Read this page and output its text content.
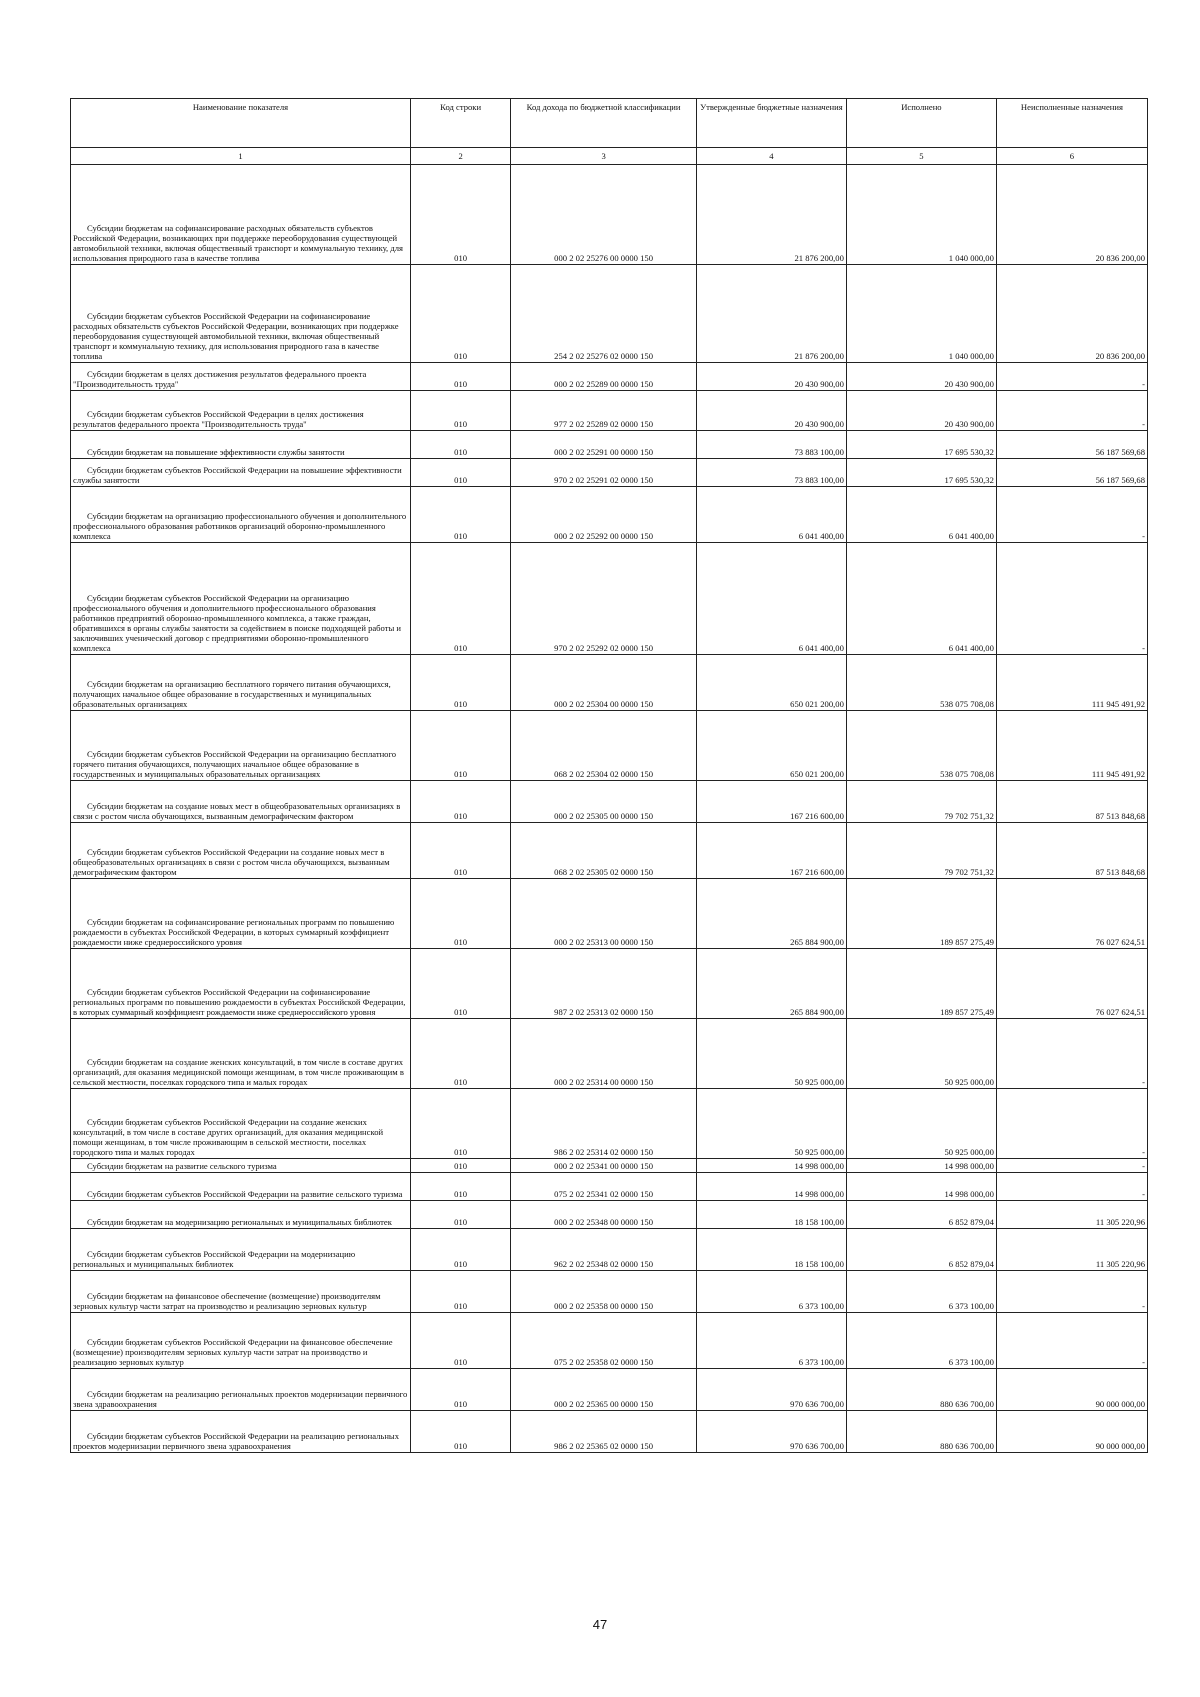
Наименование показателя	Код строки	Код дохода по бюджетной классификации	Утвержденные бюджетные назначения	Исполнено	Неисполненные назначения
1	2	3	4	5	6

Субсидии бюджетам на софинансирование расходных обязательств субъектов Российской Федерации, возникающих при поддержке переоборудования существующей автомобильной техники, включая общественный транспорт и коммунальную технику, для использования природного газа в качестве топлива	010	000 2 02 25276 00 0000 150	21 876 200,00	1 040 000,00	20 836 200,00

Субсидии бюджетам субъектов Российской Федерации на софинансирование расходных обязательств субъектов Российской Федерации, возникающих при поддержке переоборудования существующей автомобильной техники, включая общественный транспорт и коммунальную технику, для использования природного газа в качестве топлива	010	254 2 02 25276 02 0000 150	21 876 200,00	1 040 000,00	20 836 200,00

Субсидии бюджетам в целях достижения результатов федерального проекта "Производительность труда"	010	000 2 02 25289 00 0000 150	20 430 900,00	20 430 900,00	-

Субсидии бюджетам субъектов Российской Федерации в целях достижения результатов федерального проекта "Производительность труда"	010	977 2 02 25289 02 0000 150	20 430 900,00	20 430 900,00	-

Субсидии бюджетам на повышение эффективности службы занятости	010	000 2 02 25291 00 0000 150	73 883 100,00	17 695 530,32	56 187 569,68

Субсидии бюджетам субъектов Российской Федерации на повышение эффективности службы занятости	010	970 2 02 25291 02 0000 150	73 883 100,00	17 695 530,32	56 187 569,68

Субсидии бюджетам на организацию профессионального обучения и дополнительного профессионального образования работников организаций оборонно-промышленного комплекса	010	000 2 02 25292 00 0000 150	6 041 400,00	6 041 400,00	-

Субсидии бюджетам субъектов Российской Федерации на организацию профессионального обучения и дополнительного профессионального образования работников предприятий оборонно-промышленного комплекса, а также граждан, обратившихся в органы службы занятости за содействием в поиске подходящей работы и заключивших ученический договор с предприятиями оборонно-промышленного комплекса	010	970 2 02 25292 02 0000 150	6 041 400,00	6 041 400,00	-

Субсидии бюджетам на организацию бесплатного горячего питания обучающихся, получающих начальное общее образование в государственных и муниципальных образовательных организациях	010	000 2 02 25304 00 0000 150	650 021 200,00	538 075 708,08	111 945 491,92

Субсидии бюджетам субъектов Российской Федерации на организацию бесплатного горячего питания обучающихся, получающих начальное общее образование в государственных и муниципальных образовательных организациях	010	068 2 02 25304 02 0000 150	650 021 200,00	538 075 708,08	111 945 491,92

Субсидии бюджетам на создание новых мест в общеобразовательных организациях в связи с ростом числа обучающихся, вызванным демографическим фактором	010	000 2 02 25305 00 0000 150	167 216 600,00	79 702 751,32	87 513 848,68

Субсидии бюджетам субъектов Российской Федерации на создание новых мест в общеобразовательных организациях в связи с ростом числа обучающихся, вызванным демографическим фактором	010	068 2 02 25305 02 0000 150	167 216 600,00	79 702 751,32	87 513 848,68

Субсидии бюджетам на софинансирование региональных программ по повышению рождаемости в субъектах Российской Федерации, в которых суммарный коэффициент рождаемости ниже среднероссийского уровня	010	000 2 02 25313 00 0000 150	265 884 900,00	189 857 275,49	76 027 624,51

Субсидии бюджетам субъектов Российской Федерации на софинансирование региональных программ по повышению рождаемости в субъектах Российской Федерации, в которых суммарный коэффициент рождаемости ниже среднероссийского уровня	010	987 2 02 25313 02 0000 150	265 884 900,00	189 857 275,49	76 027 624,51

Субсидии бюджетам на создание женских консультаций, в том числе в составе других организаций, для оказания медицинской помощи женщинам, в том числе проживающим в сельской местности, поселках городского типа и малых городах	010	000 2 02 25314 00 0000 150	50 925 000,00	50 925 000,00	-

Субсидии бюджетам субъектов Российской Федерации на создание женских консультаций, в том числе в составе других организаций, для оказания медицинской помощи женщинам, в том числе проживающим в сельской местности, поселках городского типа и малых городах	010	986 2 02 25314 02 0000 150	50 925 000,00	50 925 000,00	-

Субсидии бюджетам на развитие сельского туризма	010	000 2 02 25341 00 0000 150	14 998 000,00	14 998 000,00	-

Субсидии бюджетам субъектов Российской Федерации на развитие сельского туризма	010	075 2 02 25341 02 0000 150	14 998 000,00	14 998 000,00	-

Субсидии бюджетам на модернизацию региональных и муниципальных библиотек	010	000 2 02 25348 00 0000 150	18 158 100,00	6 852 879,04	11 305 220,96

Субсидии бюджетам субъектов Российской Федерации на модернизацию региональных и муниципальных библиотек	010	962 2 02 25348 02 0000 150	18 158 100,00	6 852 879,04	11 305 220,96

Субсидии бюджетам на финансовое обеспечение (возмещение) производителям зерновых культур части затрат на производство и реализацию зерновых культур	010	000 2 02 25358 00 0000 150	6 373 100,00	6 373 100,00	-

Субсидии бюджетам субъектов Российской Федерации на финансовое обеспечение (возмещение) производителям зерновых культур части затрат на производство и реализацию зерновых культур	010	075 2 02 25358 02 0000 150	6 373 100,00	6 373 100,00	-

Субсидии бюджетам на реализацию региональных проектов модернизации первичного звена здравоохранения	010	000 2 02 25365 00 0000 150	970 636 700,00	880 636 700,00	90 000 000,00

Субсидии бюджетам субъектов Российской Федерации на реализацию региональных проектов модернизации первичного звена здравоохранения	010	986 2 02 25365 02 0000 150	970 636 700,00	880 636 700,00	90 000 000,00
47
